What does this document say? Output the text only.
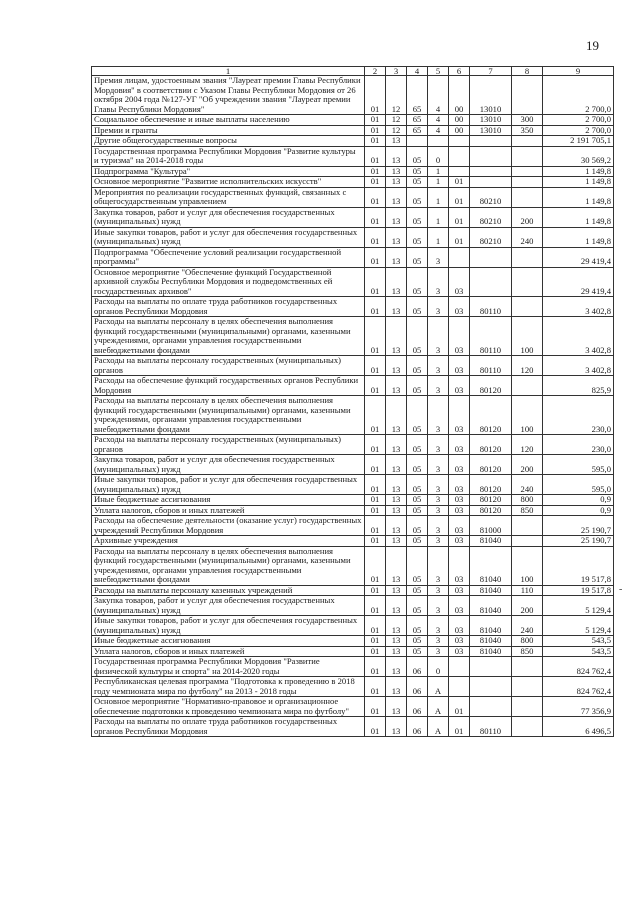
19
1	2	3	4	5	6	7	8	9
Премия лицам, удостоенным звания "Лауреат премии Главы Республики Мордовия" в соответствии с Указом Главы Республики Мордовия от 26 октября 2004 года №127-УГ "Об учреждении звания "Лауреат премии Главы Республики Мордовия"	01	12	65	4	00	13010		2 700,0
Социальное обеспечение и иные выплаты населению	01	12	65	4	00	13010	300	2 700,0
Премии и гранты	01	12	65	4	00	13010	350	2 700,0
Другие общегосударственные вопросы	01	13						2 191 705,1
Государственная программа Республики Мордовия "Развитие культуры и туризма" на 2014-2018 годы	01	13	05	0				30 569,2
Подпрограмма "Культура"	01	13	05	1				1 149,8
Основное мероприятие "Развитие исполнительских искусств"	01	13	05	1	01			1 149,8
Мероприятия по реализации государственных функций, связанных с общегосударственным управлением	01	13	05	1	01	80210		1 149,8
Закупка товаров, работ и услуг для обеспечения государственных (муниципальных) нужд	01	13	05	1	01	80210	200	1 149,8
Иные закупки товаров, работ и услуг для обеспечения государственных (муниципальных) нужд	01	13	05	1	01	80210	240	1 149,8
Подпрограмма "Обеспечение условий реализации государственной программы"	01	13	05	3				29 419,4
Основное мероприятие "Обеспечение функций Государственной архивной службы Республики Мордовия и подведомственных ей государственных архивов"	01	13	05	3	03			29 419,4
Расходы на выплаты по оплате труда работников государственных органов Республики Мордовия	01	13	05	3	03	80110		3 402,8
Расходы на выплаты персоналу в целях обеспечения выполнения функций государственными (муниципальными) органами, казенными учреждениями, органами управления государственными внебюджетными фондами	01	13	05	3	03	80110	100	3 402,8
Расходы на выплаты персоналу государственных (муниципальных) органов	01	13	05	3	03	80110	120	3 402,8
Расходы на обеспечение функций государственных органов Республики Мордовия	01	13	05	3	03	80120		825,9
Расходы на выплаты персоналу в целях обеспечения выполнения функций государственными (муниципальными) органами, казенными учреждениями, органами управления государственными внебюджетными фондами	01	13	05	3	03	80120	100	230,0
Расходы на выплаты персоналу государственных (муниципальных) органов	01	13	05	3	03	80120	120	230,0
Закупка товаров, работ и услуг для обеспечения государственных (муниципальных) нужд	01	13	05	3	03	80120	200	595,0
Иные закупки товаров, работ и услуг для обеспечения государственных (муниципальных) нужд	01	13	05	3	03	80120	240	595,0
Иные бюджетные ассигнования	01	13	05	3	03	80120	800	0,9
Уплата налогов, сборов и иных платежей	01	13	05	3	03	80120	850	0,9
Расходы на обеспечение деятельности (оказание услуг) государственных учреждений Республики Мордовия	01	13	05	3	03	81000		25 190,7
Архивные учреждения	01	13	05	3	03	81040		25 190,7
Расходы на выплаты персоналу в целях обеспечения выполнения функций государственными (муниципальными) органами, казенными учреждениями, органами управления государственными внебюджетными фондами	01	13	05	3	03	81040	100	19 517,8
Расходы на выплаты персоналу казенных учреждений	01	13	05	3	03	81040	110	19 517,8
Закупка товаров, работ и услуг для обеспечения государственных (муниципальных) нужд	01	13	05	3	03	81040	200	5 129,4
Иные закупки товаров, работ и услуг для обеспечения государственных (муниципальных) нужд	01	13	05	3	03	81040	240	5 129,4
Иные бюджетные ассигнования	01	13	05	3	03	81040	800	543,5
Уплата налогов, сборов и иных платежей	01	13	05	3	03	81040	850	543,5
Государственная программа Республики Мордовия "Развитие физической культуры и спорта" на 2014-2020 годы	01	13	06	0				824 762,4
Республиканская целевая программа "Подготовка к проведению в 2018 году чемпионата мира по футболу" на 2013 - 2018 годы	01	13	06	А				824 762,4
Основное мероприятие "Нормативно-правовое и организационное обеспечение подготовки к проведению чемпионата мира по футболу"	01	13	06	А	01			77 356,9
Расходы на выплаты по оплате труда работников государственных органов Республики Мордовия	01	13	06	А	01	80110		6 496,5
-
